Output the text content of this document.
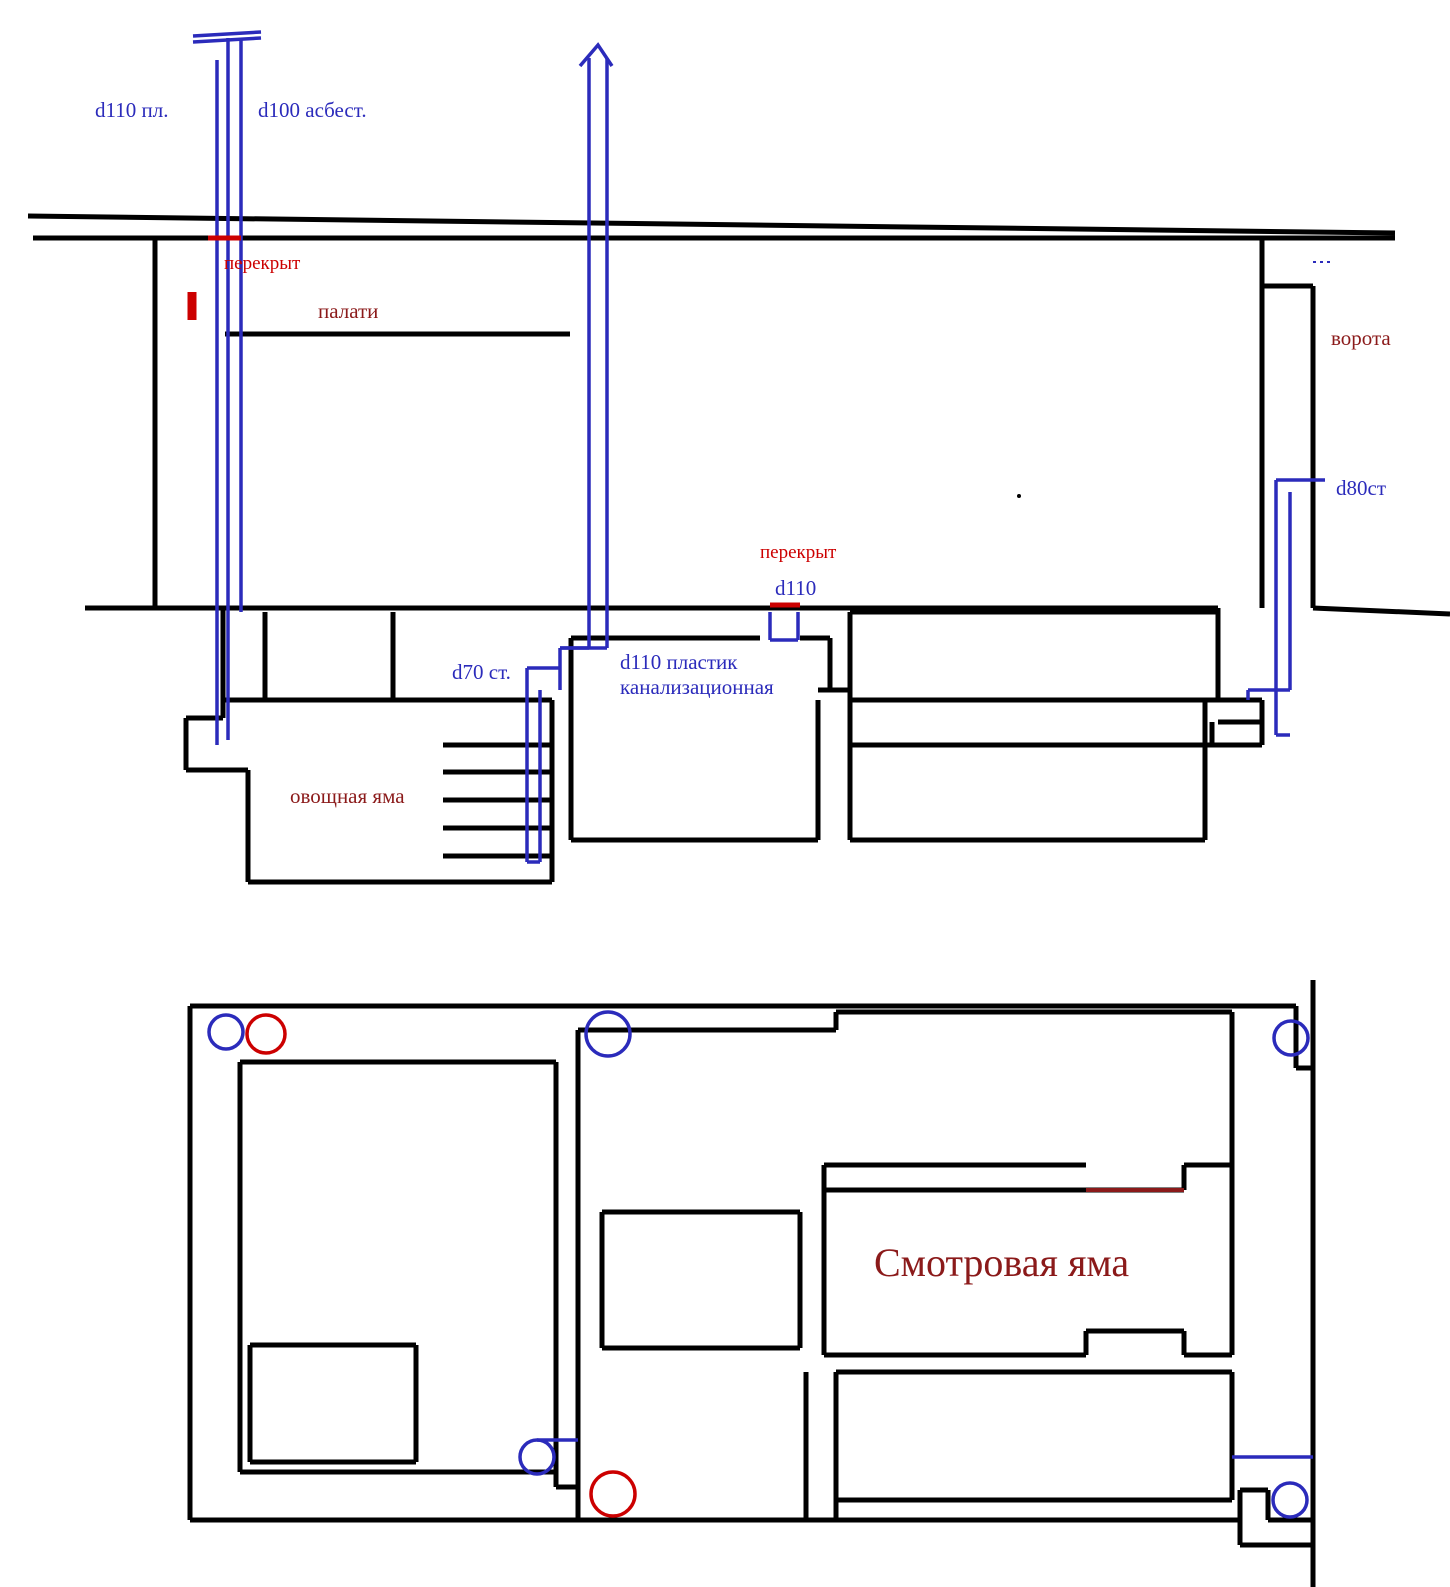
d110 пл.	d100 асбест.
перекрыт
палати
ворота
d80ст
перекрыт
d110
d70 ст.	d110 пластик
канализационная
овощная яма
Смотровая яма
